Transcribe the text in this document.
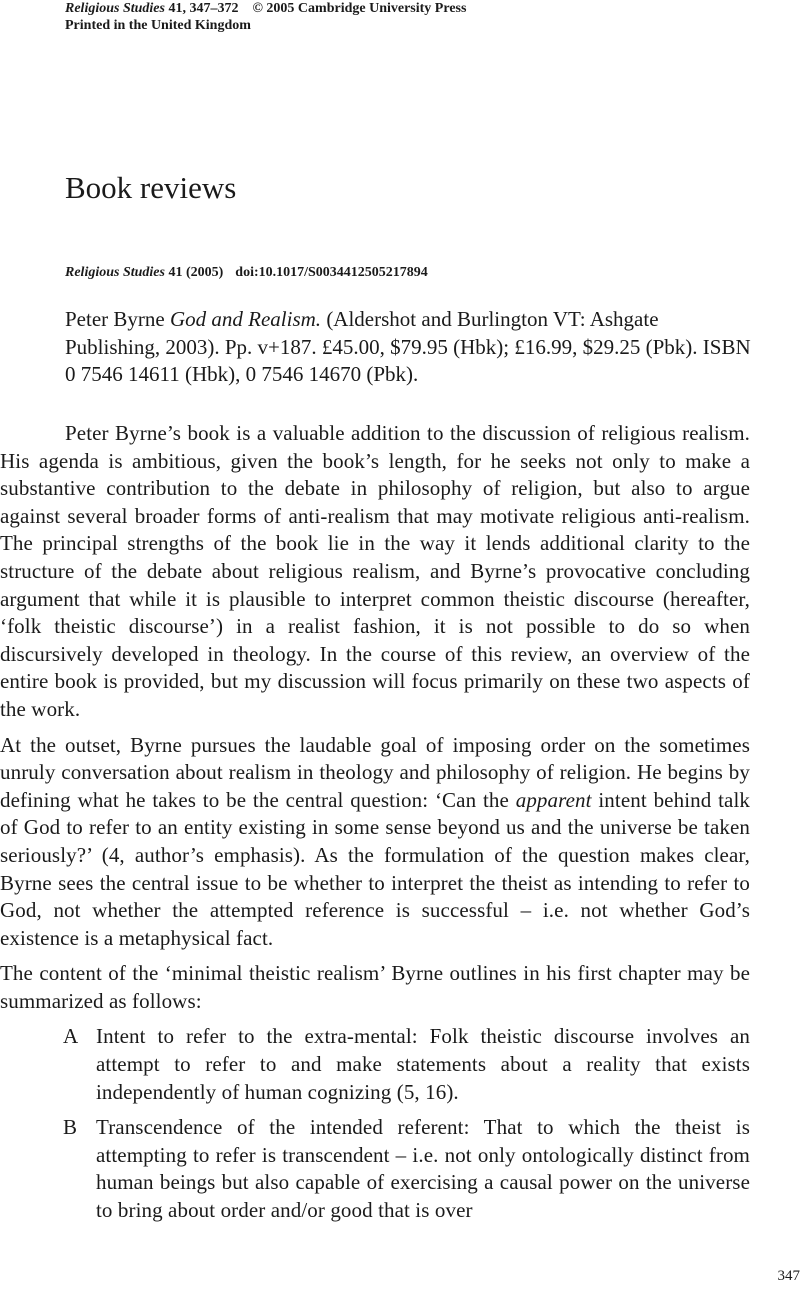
Religious Studies 41, 347–372 © 2005 Cambridge University Press
Printed in the United Kingdom
Book reviews
Religious Studies 41 (2005) doi:10.1017/S0034412505217894

Peter Byrne God and Realism. (Aldershot and Burlington VT: Ashgate Publishing, 2003). Pp. v+187. £45.00, $79.95 (Hbk); £16.99, $29.25 (Pbk). ISBN 0 7546 14611 (Hbk), 0 7546 14670 (Pbk).

Peter Byrne’s book is a valuable addition to the discussion of religious realism. His agenda is ambitious, given the book’s length, for he seeks not only to make a substantive contribution to the debate in philosophy of religion, but also to argue against several broader forms of anti-realism that may motivate religious anti-realism. The principal strengths of the book lie in the way it lends additional clarity to the structure of the debate about religious realism, and Byrne’s provocative concluding argument that while it is plausible to interpret common theistic discourse (hereafter, ‘folk theistic discourse’) in a realist fashion, it is not possible to do so when discursively developed in theology. In the course of this review, an overview of the entire book is provided, but my discussion will focus primarily on these two aspects of the work.

At the outset, Byrne pursues the laudable goal of imposing order on the sometimes unruly conversation about realism in theology and philosophy of religion. He begins by defining what he takes to be the central question: ‘Can the apparent intent behind talk of God to refer to an entity existing in some sense beyond us and the universe be taken seriously?’ (4, author’s emphasis). As the formulation of the question makes clear, Byrne sees the central issue to be whether to interpret the theist as intending to refer to God, not whether the attempted reference is successful – i.e. not whether God’s existence is a metaphysical fact.

The content of the ‘minimal theistic realism’ Byrne outlines in his first chapter may be summarized as follows:

A Intent to refer to the extra-mental: Folk theistic discourse involves an attempt to refer to and make statements about a reality that exists independently of human cognizing (5, 16).
B Transcendence of the intended referent: That to which the theist is attempting to refer is transcendent – i.e. not only ontologically distinct from human beings but also capable of exercising a causal power on the universe to bring about order and/or good that is over
347
